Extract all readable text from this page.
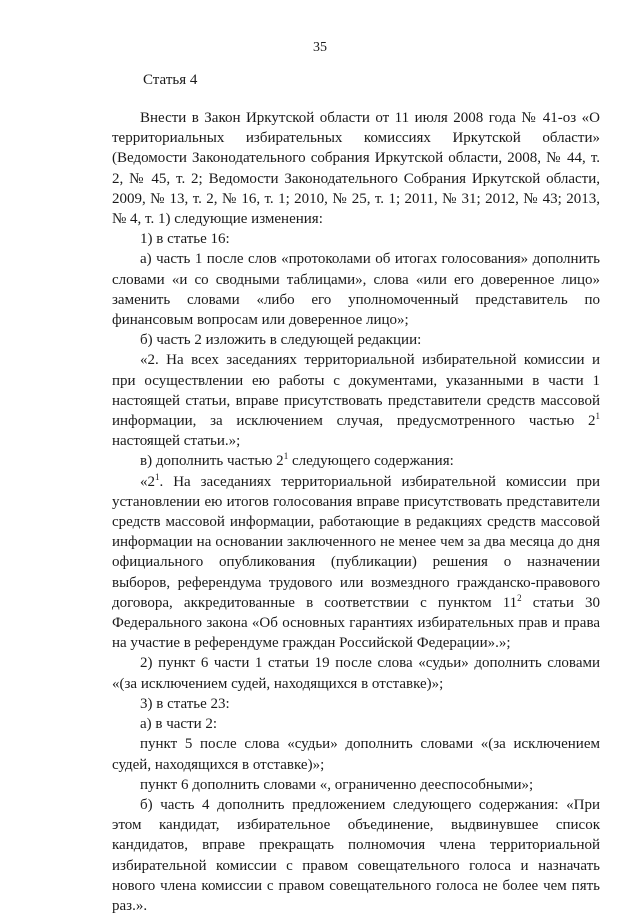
35
Статья 4

Внести в Закон Иркутской области от 11 июля 2008 года № 41-оз «О территориальных избирательных комиссиях Иркутской области» (Ведомости Законодательного собрания Иркутской области, 2008, № 44, т. 2, № 45, т. 2; Ведомости Законодательного Собрания Иркутской области, 2009, № 13, т. 2, № 16, т. 1; 2010, № 25, т. 1; 2011, № 31; 2012, № 43; 2013, № 4, т. 1) следующие изменения:

1) в статье 16:

а) часть 1 после слов «протоколами об итогах голосования» дополнить словами «и со сводными таблицами», слова «или его доверенное лицо» заменить словами «либо его уполномоченный представитель по финансовым вопросам или доверенное лицо»;

б) часть 2 изложить в следующей редакции:

«2. На всех заседаниях территориальной избирательной комиссии и при осуществлении ею работы с документами, указанными в части 1 настоящей статьи, вправе присутствовать представители средств массовой информации, за исключением случая, предусмотренного частью $2^1$ настоящей статьи.»;

в) дополнить частью $2^1$ следующего содержания:

«$2^1$. На заседаниях территориальной избирательной комиссии при установлении ею итогов голосования вправе присутствовать представители средств массовой информации, работающие в редакциях средств массовой информации на основании заключенного не менее чем за два месяца до дня официального опубликования (публикации) решения о назначении выборов, референдума трудового или возмездного гражданско-правового договора, аккредитованные в соответствии с пунктом $11^2$ статьи 30 Федерального закона «Об основных гарантиях избирательных прав и права на участие в референдуме граждан Российской Федерации».»;

2) пункт 6 части 1 статьи 19 после слова «судьи» дополнить словами «(за исключением судей, находящихся в отставке)»;

3) в статье 23:

а) в части 2:

пункт 5 после слова «судьи» дополнить словами «(за исключением судей, находящихся в отставке)»;

пункт 6 дополнить словами «, ограниченно дееспособными»;

б) часть 4 дополнить предложением следующего содержания: «При этом кандидат, избирательное объединение, выдвинувшее список кандидатов, вправе прекращать полномочия члена территориальной избирательной комиссии с правом совещательного голоса и назначать нового члена комиссии с правом совещательного голоса не более чем пять раз.».
